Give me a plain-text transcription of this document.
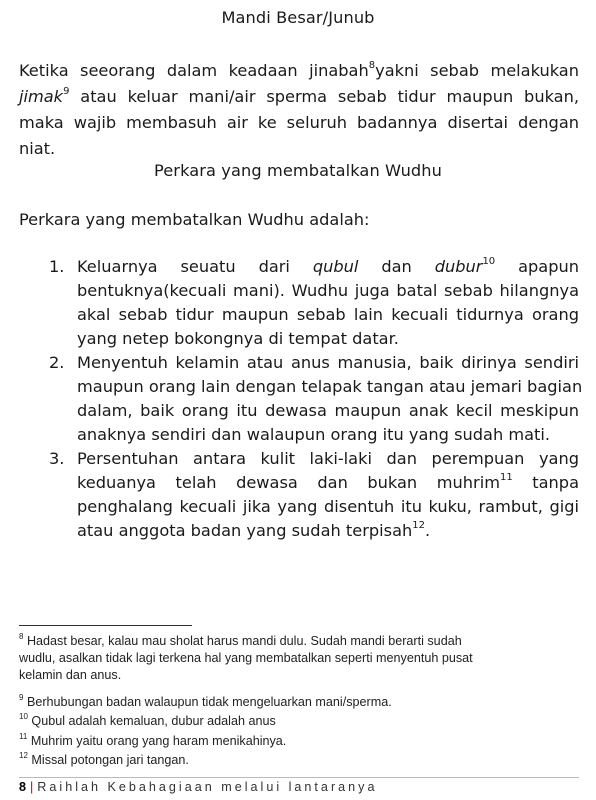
Mandi Besar/Junub

Ketika seeorang dalam keadaan jinabah$^8$yakni sebab melakukan jimak$^9$ atau keluar mani/air sperma sebab tidur maupun bukan, maka wajib membasuh air ke seluruh badannya disertai dengan niat.

Perkara yang membatalkan Wudhu

Perkara yang membatalkan Wudhu adalah:

1. Keluarnya seuatu dari qubul dan dubur$^{10}$ apapun
bentuknya(kecuali mani). Wudhu juga batal sebab hilangnya
akal sebab tidur maupun sebab lain kecuali tidurnya orang
yang netep bokongnya di tempat datar.
2. Menyentuh kelamin atau anus manusia, baik dirinya sendiri
maupun orang lain dengan telapak tangan atau jemari bagian
dalam, baik orang itu dewasa maupun anak kecil meskipun
anaknya sendiri dan walaupun orang itu yang sudah mati.
3. Persentuhan antara kulit laki-laki dan perempuan yang
keduanya telah dewasa dan bukan muhrim$^{11}$ tanpa
penghalang kecuali jika yang disentuh itu kuku, rambut, gigi
atau anggota badan yang sudah terpisah$^{12}$.
$^8$ Hadast besar, kalau mau sholat harus mandi dulu. Sudah mandi berarti sudah
wudlu, asalkan tidak lagi terkena hal yang membatalkan seperti menyentuh pusat
kelamin dan anus.
$^9$ Berhubungan badan walaupun tidak mengeluarkan mani/sperma.
$^{10}$ Qubul adalah kemaluan, dubur adalah anus
$^{11}$ Muhrim yaitu orang yang haram menikahinya.
$^{12}$ Missal potongan jari tangan.
8 | Raihlah Kebahagiaan melalui lantaranya
